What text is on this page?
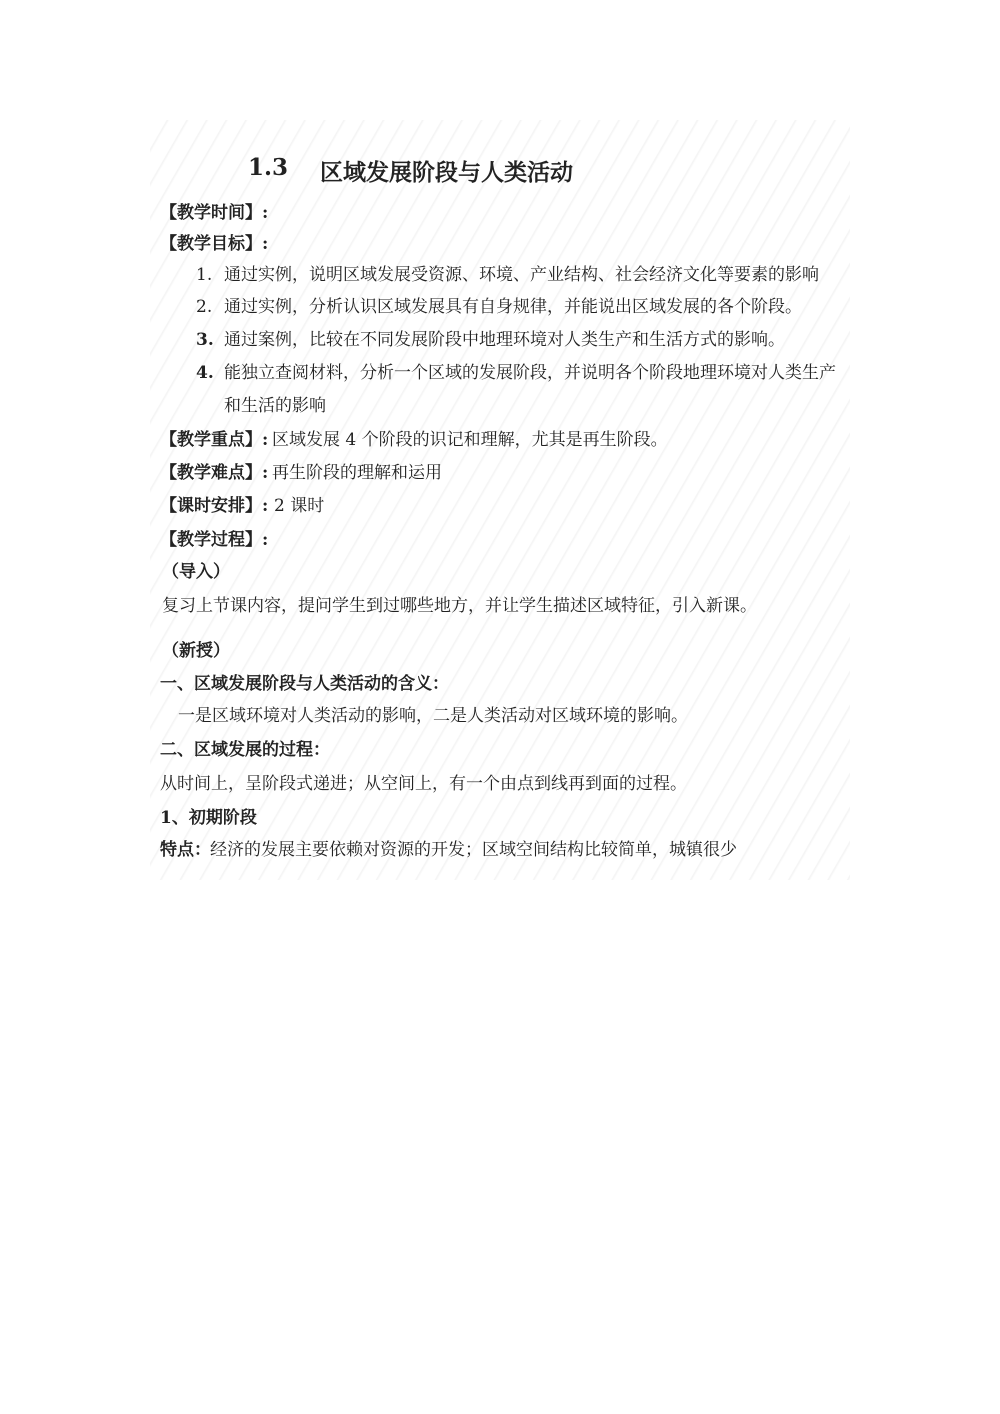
1.3 区域发展阶段与人类活动
【教学时间】:
【教学目标】:
1. 通过实例，说明区域发展受资源、环境、产业结构、社会经济文化等要素的影响
2. 通过实例，分析认识区域发展具有自身规律，并能说出区域发展的各个阶段。
3. 通过案例，比较在不同发展阶段中地理环境对人类生产和生活方式的影响。
4. 能独立查阅材料，分析一个区域的发展阶段，并说明各个阶段地理环境对人类生产
和生活的影响
【教学重点】: 区域发展 4 个阶段的识记和理解，尤其是再生阶段。
【教学难点】: 再生阶段的理解和运用
【课时安排】: 2 课时
【教学过程】:
（导入）
复习上节课内容，提问学生到过哪些地方，并让学生描述区域特征，引入新课。
（新授）
一、区域发展阶段与人类活动的含义：
一是区域环境对人类活动的影响，二是人类活动对区域环境的影响。
二、区域发展的过程：
从时间上，呈阶段式递进；从空间上，有一个由点到线再到面的过程。
1、初期阶段
特点： 经济的发展主要依赖对资源的开发；区域空间结构比较简单，城镇很少
